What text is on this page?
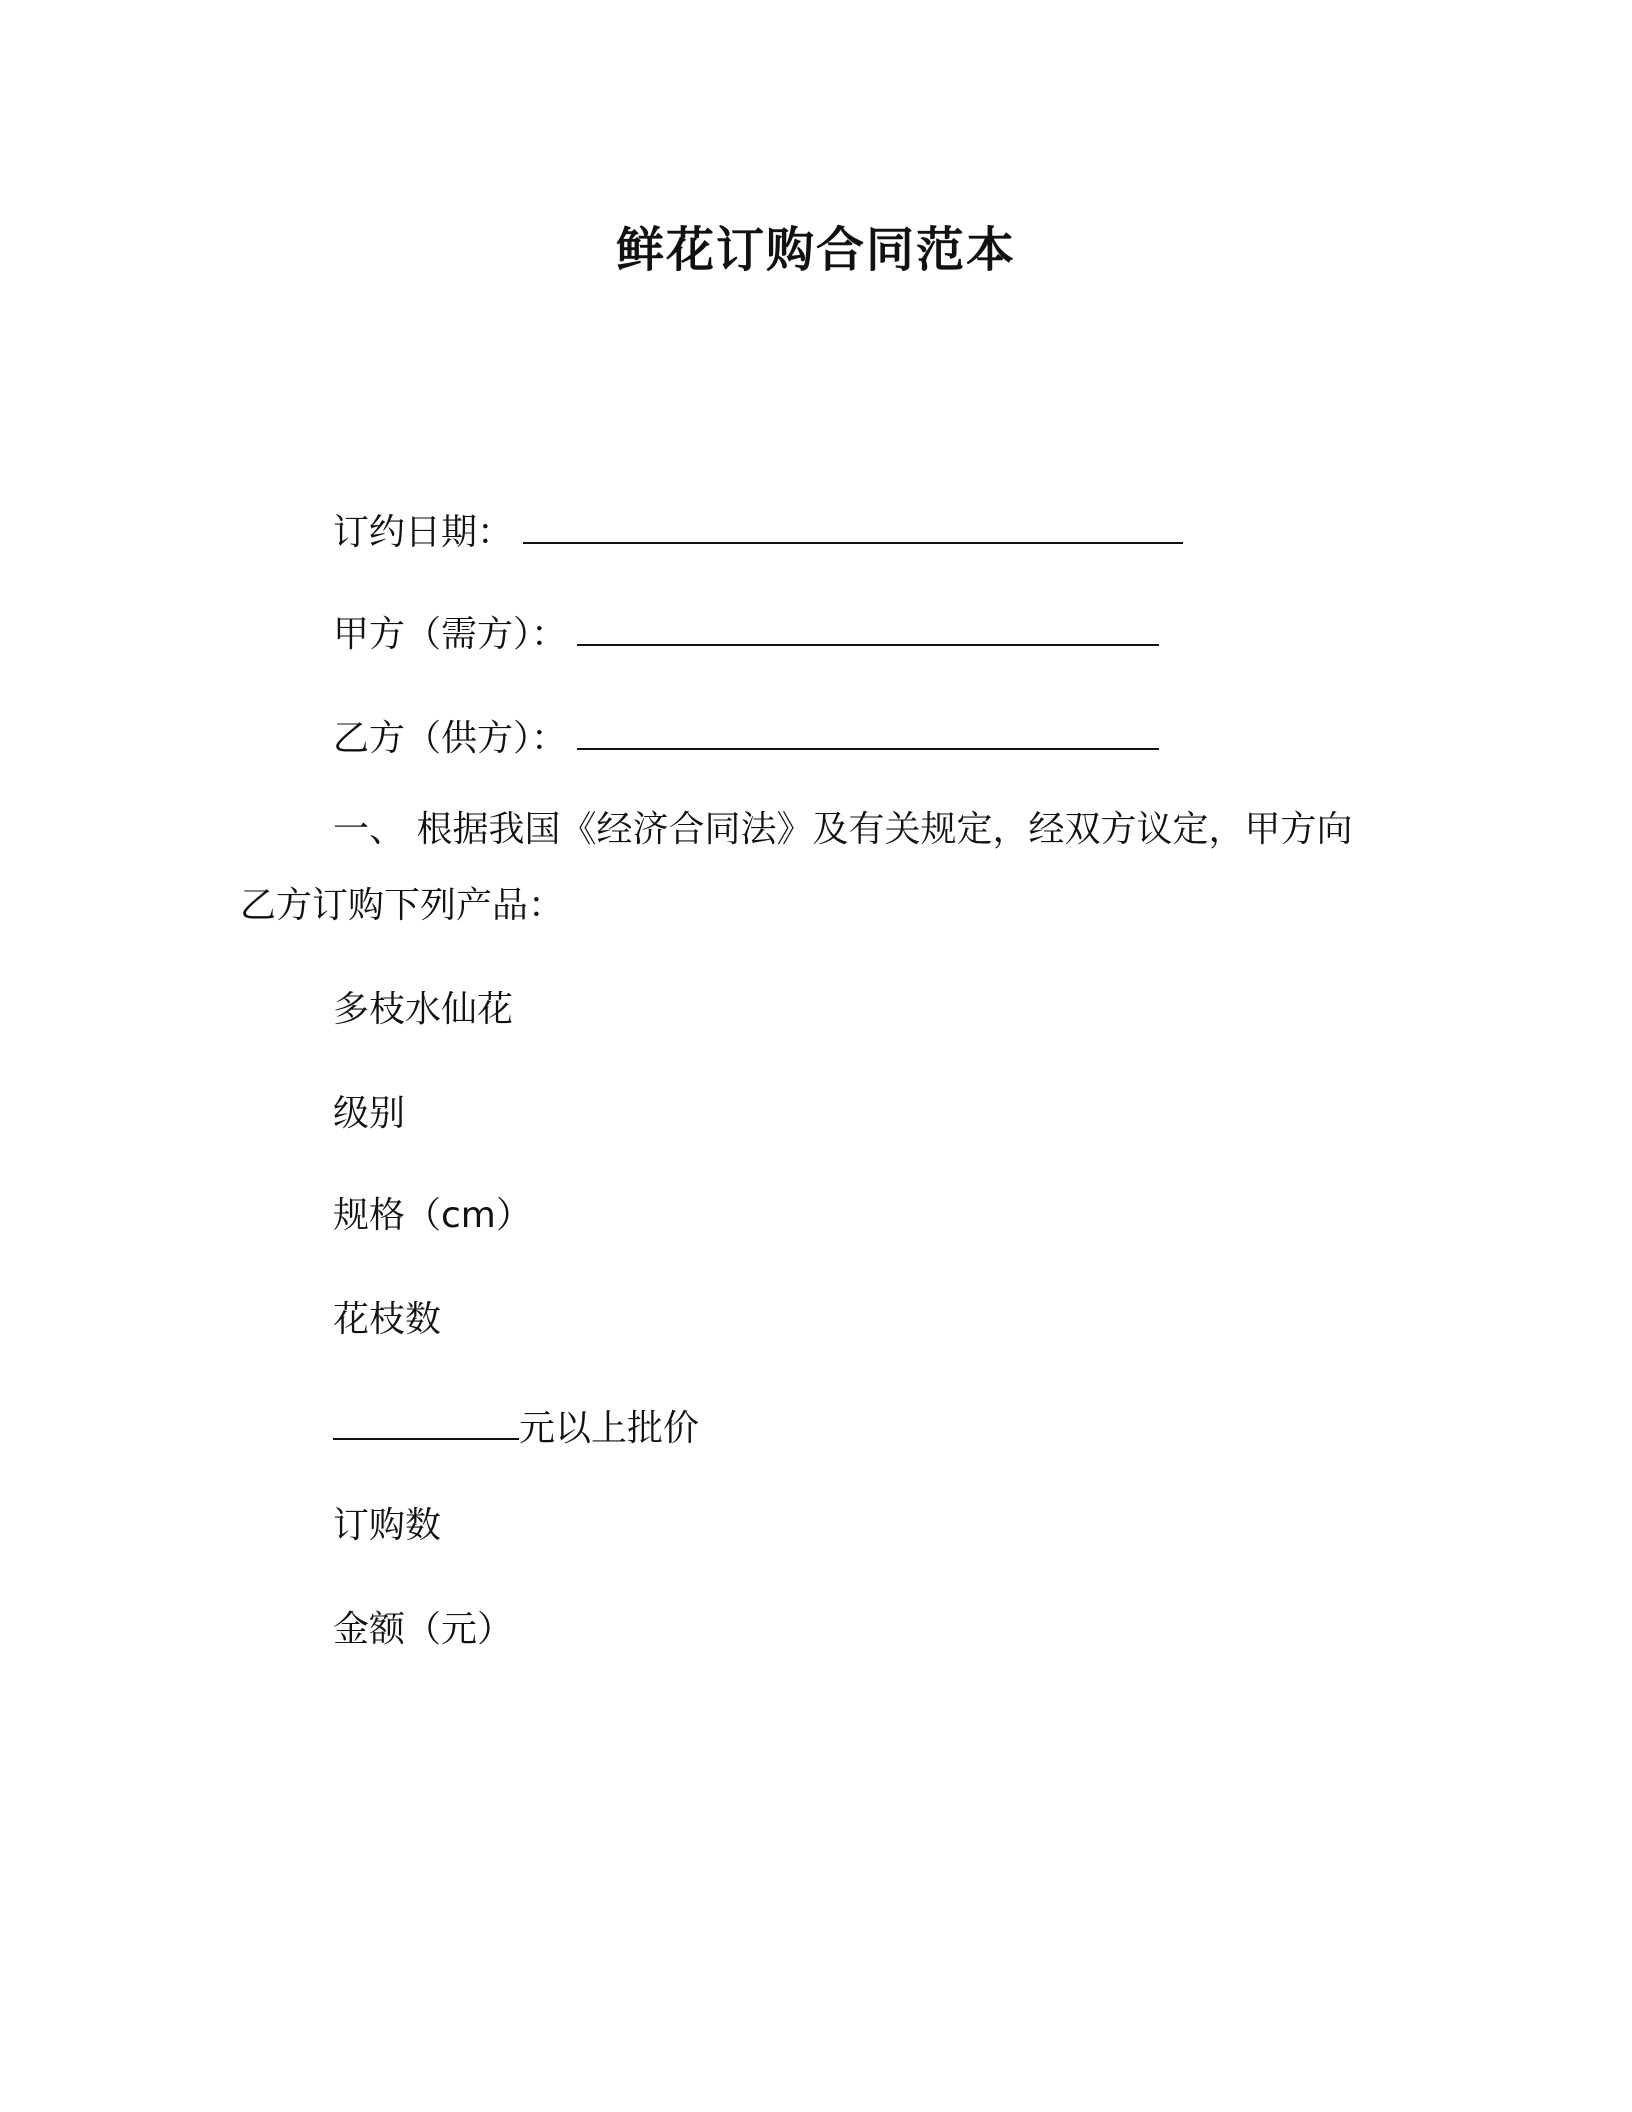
鲜花订购合同范本
订约日期：
甲方（需方）：
乙方（供方）：
一、 根据我国《经济合同法》及有关规定，经双方议定，甲方向
乙方订购下列产品：
多枝水仙花
级别
规格（cm）
花枝数
元以上批价
订购数
金额（元）
